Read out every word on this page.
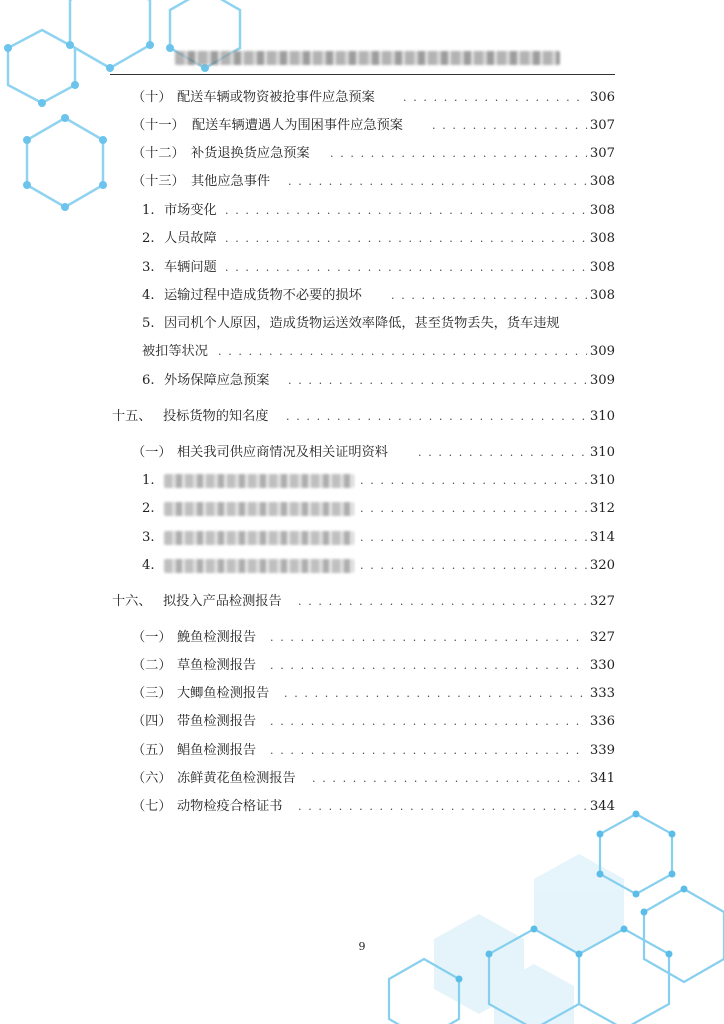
（十） 配送车辆或物资被抢事件应急预案 . . .	306
（十一） 配送车辆遭遇人为围困事件应急预案 . . .	307
（十二） 补货退换货应急预案 . . .	307
（十三） 其他应急事件 . . .	308
1. 市场变化 . . .	308
2. 人员故障 . . .	308
3. 车辆问题 . . .	308
4. 运输过程中造成货物不必要的损坏 . . .	308
5. 因司机个人原因，造成货物运送效率降低，甚至货物丢失，货车违规
被扣等状况 . . .	309
6. 外场保障应急预案 . . .	309
十五、 投标货物的知名度 . . .	310
（一） 相关我司供应商情况及相关证明资料 . . .	310
1. . . .	310
2. . . .	312
3. . . .	314
4. . . .	320
十六、 拟投入产品检测报告 . . .	327
（一） 鮸鱼检测报告 . . .	327
（二） 草鱼检测报告 . . .	330
（三） 大鲫鱼检测报告 . . .	333
（四） 带鱼检测报告 . . .	336
（五） 鲳鱼检测报告 . . .	339
（六） 冻鲜黄花鱼检测报告 . . .	341
（七） 动物检疫合格证书 . . .	344
9
